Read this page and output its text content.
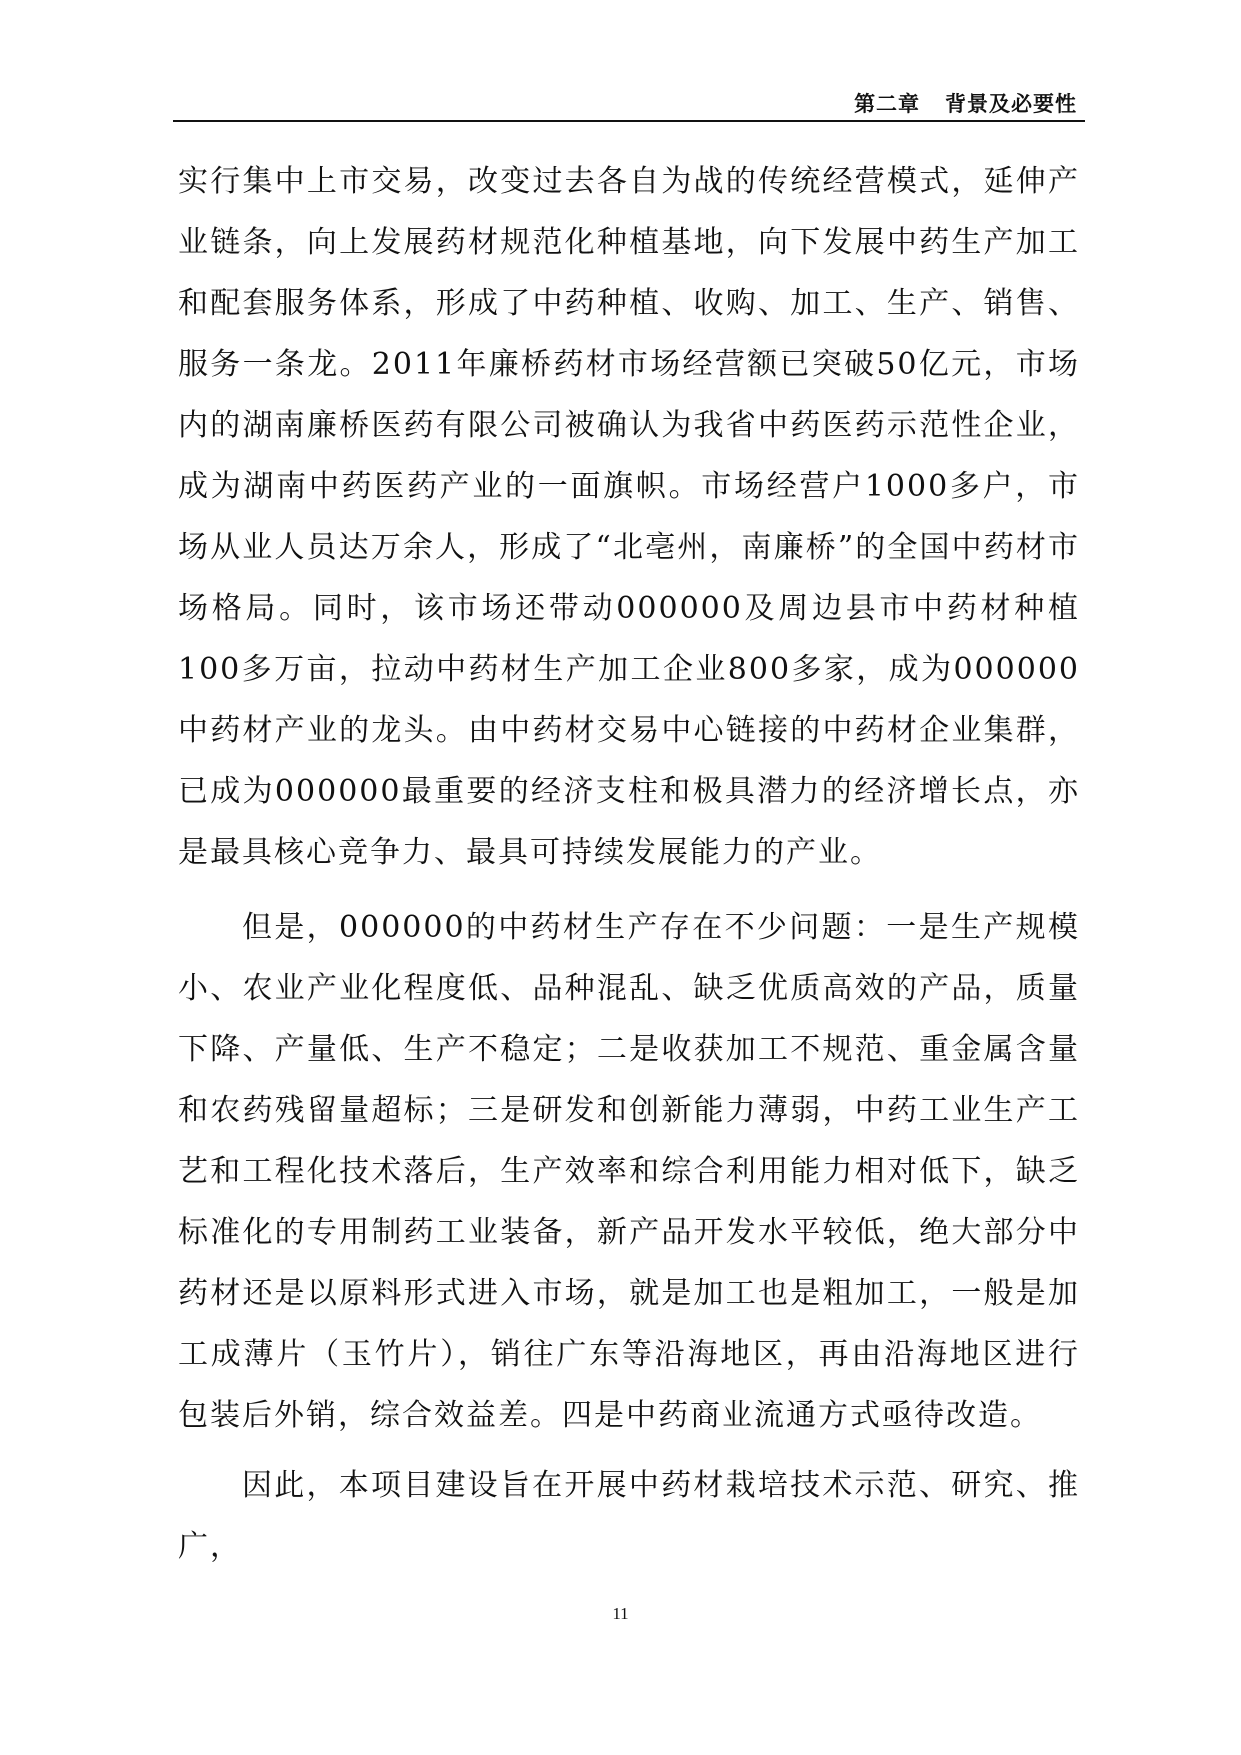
第二章   背景及必要性

实行集中上市交易，改变过去各自为战的传统经营模式，延伸产业链条，向上发展药材规范化种植基地，向下发展中药生产加工和配套服务体系，形成了中药种植、收购、加工、生产、销售、服务一条龙。2011年廉桥药材市场经营额已突破50亿元，市场内的湖南廉桥医药有限公司被确认为我省中药医药示范性企业，成为湖南中药医药产业的一面旗帜。市场经营户1000多户，市场从业人员达万余人，形成了“北亳州，南廉桥”的全国中药材市场格局。同时，该市场还带动000000及周边县市中药材种植100多万亩，拉动中药材生产加工企业800多家，成为000000中药材产业的龙头。由中药材交易中心链接的中药材企业集群，已成为000000最重要的经济支柱和极具潜力的经济增长点，亦是最具核心竞争力、最具可持续发展能力的产业。

但是，000000的中药材生产存在不少问题：一是生产规模小、农业产业化程度低、品种混乱、缺乏优质高效的产品，质量下降、产量低、生产不稳定；二是收获加工不规范、重金属含量和农药残留量超标；三是研发和创新能力薄弱，中药工业生产工艺和工程化技术落后，生产效率和综合利用能力相对低下，缺乏标准化的专用制药工业装备，新产品开发水平较低，绝大部分中药材还是以原料形式进入市场，就是加工也是粗加工，一般是加工成薄片（玉竹片），销往广东等沿海地区，再由沿海地区进行包装后外销，综合效益差。四是中药商业流通方式亟待改造。

因此，本项目建设旨在开展中药材栽培技术示范、研究、推广，

11
